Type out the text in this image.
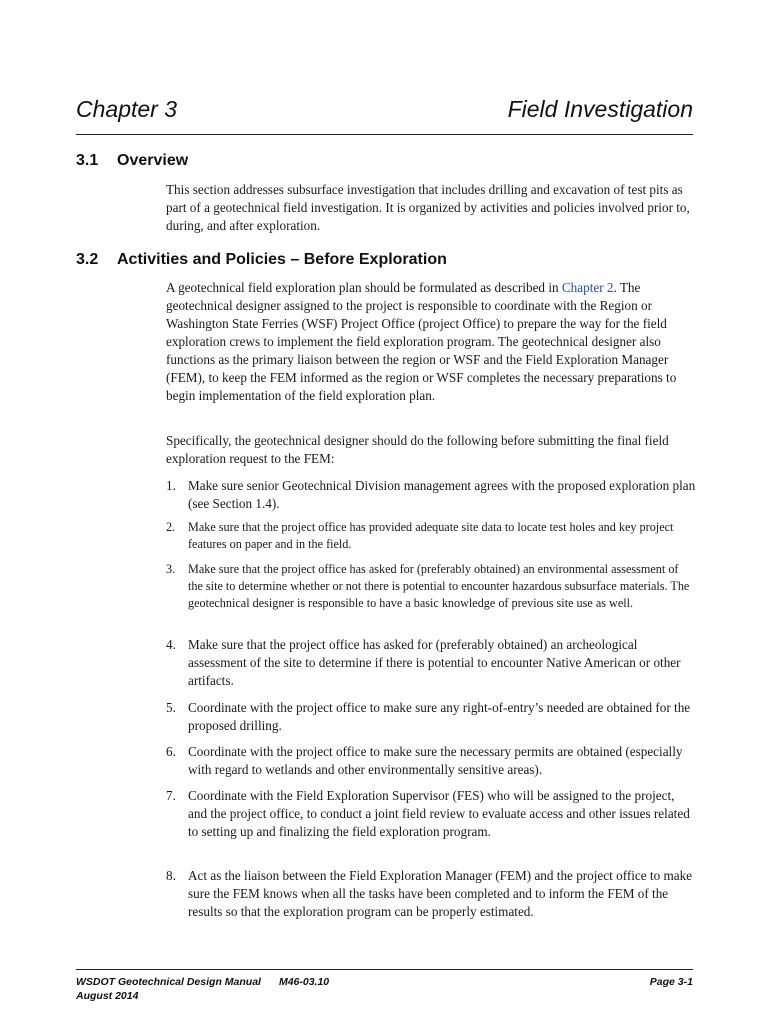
Chapter 3	Field Investigation
3.1 Overview

This section addresses subsurface investigation that includes drilling and excavation of test pits as part of a geotechnical field investigation. It is organized by activities and policies involved prior to, during, and after exploration.

3.2 Activities and Policies – Before Exploration

A geotechnical field exploration plan should be formulated as described in Chapter 2. The geotechnical designer assigned to the project is responsible to coordinate with the Region or Washington State Ferries (WSF) Project Office (project Office) to prepare the way for the field exploration crews to implement the field exploration program. The geotechnical designer also functions as the primary liaison between the region or WSF and the Field Exploration Manager (FEM), to keep the FEM informed as the region or WSF completes the necessary preparations to begin implementation of the field exploration plan.

Specifically, the geotechnical designer should do the following before submitting the final field exploration request to the FEM:

1. Make sure senior Geotechnical Division management agrees with the proposed exploration plan (see Section 1.4).
2. Make sure that the project office has provided adequate site data to locate test holes and key project features on paper and in the field.
3. Make sure that the project office has asked for (preferably obtained) an environmental assessment of the site to determine whether or not there is potential to encounter hazardous subsurface materials. The geotechnical designer is responsible to have a basic knowledge of previous site use as well.
4. Make sure that the project office has asked for (preferably obtained) an archeological assessment of the site to determine if there is potential to encounter Native American or other artifacts.
5. Coordinate with the project office to make sure any right-of-entry’s needed are obtained for the proposed drilling.
6. Coordinate with the project office to make sure the necessary permits are obtained (especially with regard to wetlands and other environmentally sensitive areas).
7. Coordinate with the Field Exploration Supervisor (FES) who will be assigned to the project, and the project office, to conduct a joint field review to evaluate access and other issues related to setting up and finalizing the field exploration program.
8. Act as the liaison between the Field Exploration Manager (FEM) and the project office to make sure the FEM knows when all the tasks have been completed and to inform the FEM of the results so that the exploration program can be properly estimated.
WSDOT Geotechnical Design Manual M46-03.10
August 2014
Page 3-1
